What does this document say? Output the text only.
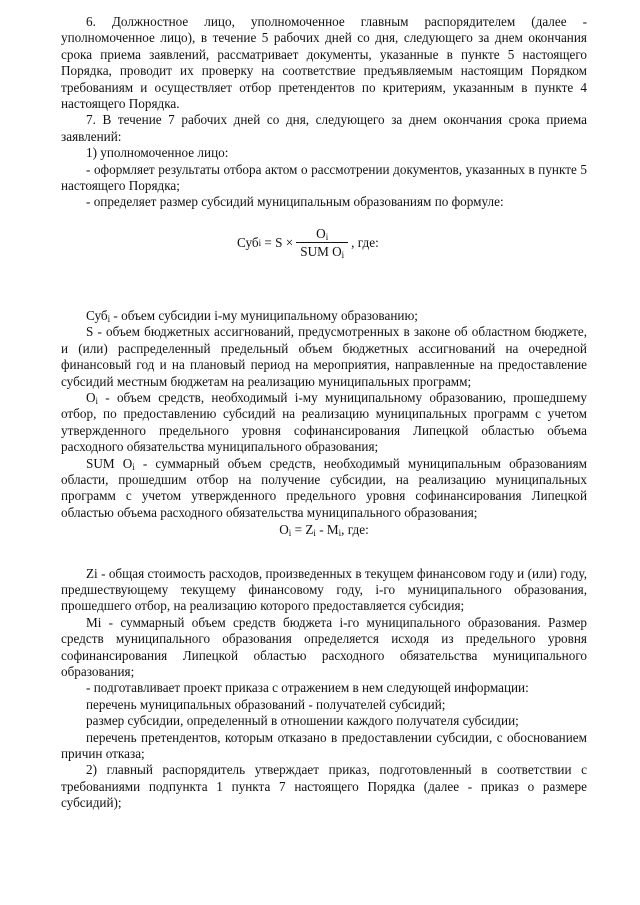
6. Должностное лицо, уполномоченное главным распорядителем (далее - уполномоченное лицо), в течение 5 рабочих дней со дня, следующего за днем окончания срока приема заявлений, рассматривает документы, указанные в пункте 5 настоящего Порядка, проводит их проверку на соответствие предъявляемым настоящим Порядком требованиям и осуществляет отбор претендентов по критериям, указанным в пункте 4 настоящего Порядка.

7. В течение 7 рабочих дней со дня, следующего за днем окончания срока приема заявлений:

1) уполномоченное лицо:

- оформляет результаты отбора актом о рассмотрении документов, указанных в пункте 5 настоящего Порядка;

- определяет размер субсидий муниципальным образованиям по формуле:

Суб $i = S \times \frac{O_i}{SUM O_i}$ , где:

Суб$_i$ - объем субсидии i-му муниципальному образованию;

S - объем бюджетных ассигнований, предусмотренных в законе об областном бюджете, и (или) распределенный предельный объем бюджетных ассигнований на очередной финансовый год и на плановый период на мероприятия, направленные на предоставление субсидий местным бюджетам на реализацию муниципальных программ;

$O_i$ - объем средств, необходимый i-му муниципальному образованию, прошедшему отбор, по предоставлению субсидий на реализацию муниципальных программ с учетом утвержденного предельного уровня софинансирования Липецкой областью объема расходного обязательства муниципального образования;

SUM $O_i$ - суммарный объем средств, необходимый муниципальным образованиям области, прошедшим отбор на получение субсидии, на реализацию муниципальных программ с учетом утвержденного предельного уровня софинансирования Липецкой областью объема расходного обязательства муниципального образования;

$O_i = Z_i - M_i$, где:

Zi - общая стоимость расходов, произведенных в текущем финансовом году и (или) году, предшествующему текущему финансовому году, i-го муниципального образования, прошедшего отбор, на реализацию которого предоставляется субсидия;

Mi - суммарный объем средств бюджета i-го муниципального образования. Размер средств муниципального образования определяется исходя из предельного уровня софинансирования Липецкой областью расходного обязательства муниципального образования;

- подготавливает проект приказа с отражением в нем следующей информации:

перечень муниципальных образований - получателей субсидий;

размер субсидии, определенный в отношении каждого получателя субсидии;

перечень претендентов, которым отказано в предоставлении субсидии, с обоснованием причин отказа;

2) главный распорядитель утверждает приказ, подготовленный в соответствии с требованиями подпункта 1 пункта 7 настоящего Порядка (далее - приказ о размере субсидий);
